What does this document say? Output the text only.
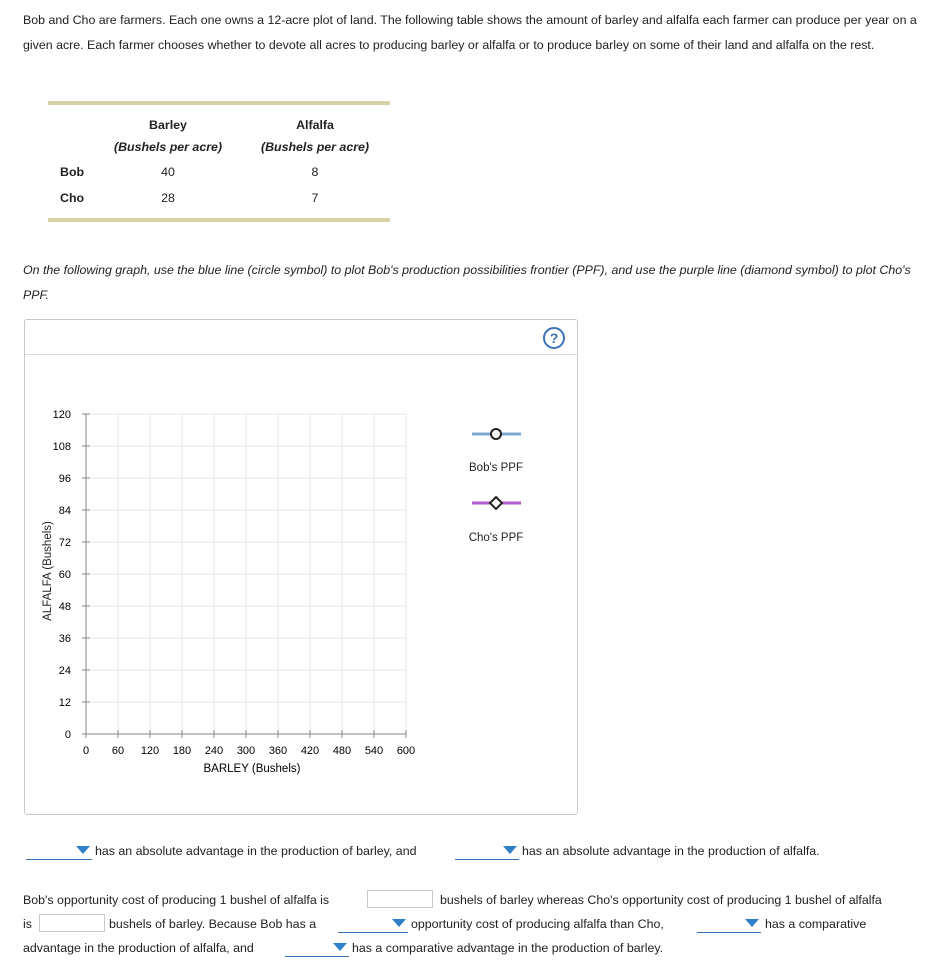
Bob and Cho are farmers. Each one owns a 12-acre plot of land. The following table shows the amount of barley and alfalfa each farmer can produce per year on a given acre. Each farmer chooses whether to devote all acres to producing barley or alfalfa or to produce barley on some of their land and alfalfa on the rest.
Barley
(Bushels per acre)
Alfalfa
(Bushels per acre)
Bob	40	8
Cho	28	7
On the following graph, use the blue line (circle symbol) to plot Bob's production possibilities frontier (PPF), and use the purple line (diamond symbol) to plot Cho's PPF.
?
ALFALFA (Bushels)
0
12
24
36
48
60
72
84
96
108
120
0 60 120 180 240 300 360 420 480 540 600
BARLEY (Bushels)
Bob's PPF
Cho's PPF
has an absolute advantage in the production of barley, and	has an absolute advantage in the production of alfalfa.
Bob's opportunity cost of producing 1 bushel of alfalfa is	bushels of barley whereas Cho's opportunity cost of producing 1 bushel of alfalfa
is	bushels of barley. Because Bob has a	opportunity cost of producing alfalfa than Cho,	has a comparative
advantage in the production of alfalfa, and	has a comparative advantage in the production of barley.
